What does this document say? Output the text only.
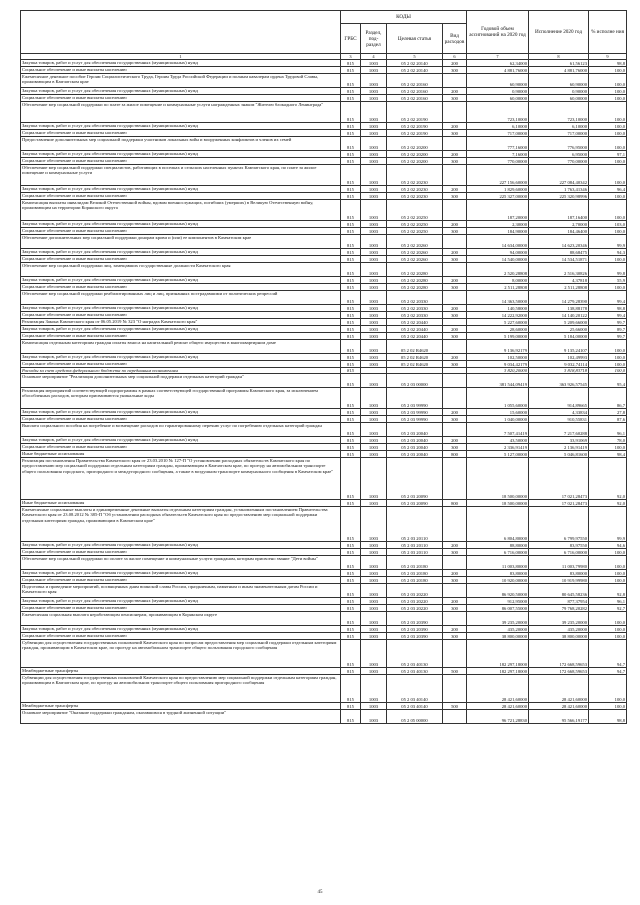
	КОДЫ				Годовой объем ассигнований на 2020 год	Исполнение 2020 год	% исполне ния
	ГРБС	Раздел, под-раздел	Целевая статья	Вид расходов			
1	3	4	5	6	7	8	9
Закупка товаров, работ и услуг для обеспечения государственных (муниципальных) нужд	815	1003	05 2 02 20140	200	62,34000	61,56123	98,8
Социальное обеспечение и иные выплаты населению	815	1003	05 2 02 20140	300	4 881,76000	4 881,76000	100,0
Ежемесячное денежное пособие Героям Социалистического Труда, Героям Труда Российской Федерации и полным кавалерам ордена Трудовой Славы, проживающим в Камчатском крае	815	1003	05 2 02 20160		60,90000	60,90000	100,0
Закупка товаров, работ и услуг для обеспечения государственных (муниципальных) нужд	815	1003	05 2 02 20160	200	0,90000	0,90000	100,0
Социальное обеспечение и иные выплаты населению	815	1003	05 2 02 20160	300	60,00000	60,00000	100,0
Обеспечение мер социальной поддержки по плате за жилое помещение и коммунальные услуги награжденных знаком "Жителю блокадного Ленинграда"	815	1003	05 2 02 20190		723,10000	723,10000	100,0
Закупка товаров, работ и услуг для обеспечения государственных (муниципальных) нужд	815	1003	05 2 02 20190	200	6,10000	6,10000	100,0
Социальное обеспечение и иные выплаты населению	815	1003	05 2 02 20190	300	717,00000	717,00000	100,0
Предоставление дополнительных мер социальной поддержки участников локальных войн и вооруженных конфликтов и членов их семей	815	1003	05 2 02 20200		777,16000	776,95000	100,0
Закупка товаров, работ и услуг для обеспечения государственных (муниципальных) нужд	815	1003	05 2 02 20200	200	7,16000	6,95000	97,1
Социальное обеспечение и иные выплаты населению	815	1003	05 2 02 20200	300	770,00000	770,00000	100,0
Обеспечение мер социальной поддержки специалистов, работающих в поселках и сельских населенных пунктах Камчатского края, по плате за жилое помещение и коммунальные услуги	815	1003	05 2 02 20230		227 156,60000	227 084,40342	100,0
Закупка товаров, работ и услуг для обеспечения государственных (муниципальных) нужд	815	1003	05 2 02 20230	200	1 829,60000	1 763,41346	96,4
Социальное обеспечение и иные выплаты населению	815	1003	05 2 02 20230	300	225 327,00000	225 320,98996	100,0
Компенсация выплаты инвалидам Великой Отечественной войны, вдовам военнослужащих, погибших (умерших) в Великую Отечественную войну, проживающим на территории Корякского округа	815	1003	05 2 02 20250		187,20000	187,16400	100,0
Закупка товаров, работ и услуг для обеспечения государственных (муниципальных) нужд	815	1003	05 2 02 20250	200	2,30000	2,70000	103,0
Социальное обеспечение и иные выплаты населению	815	1003	05 2 02 20250	300	184,90000	184,46400	100,0
Обеспечение дополнительных мер социальной поддержки донорам крови и (или) ее компонентов в Камчатском крае	815	1003	05 2 02 20260		14 634,00000	14 623,20346	99,9
Закупка товаров, работ и услуг для обеспечения государственных (муниципальных) нужд	815	1003	05 2 02 20260	200	94,00000	88,68475	94,3
Социальное обеспечение и иные выплаты населению	815	1003	05 2 02 20260	300	14 540,00000	14 534,51871	100,0
Обеспечение мер социальной поддержки лиц, замещавших государственные должности Камчатского края	815	1003	05 2 02 20280		2 520,28808	2 516,30826	99,8
Закупка товаров, работ и услуг для обеспечения государственных (муниципальных) нужд	815	1003	05 2 02 20280	200	8,00000	4,37818	55,9
Социальное обеспечение и иные выплаты населению	815	1003	05 2 02 20280	300	2 511,28808	2 511,28808	100,0
Обеспечение мер социальной поддержки реабилитированных лиц и лиц, признанных пострадавшими от политических репрессий	815	1003	05 2 02 20330		14 363,50000	14 279,28390	99,4
Закупка товаров, работ и услуг для обеспечения государственных (муниципальных) нужд	815	1003	05 2 02 20330	200	140,58000	138,88178	98,8
Социальное обеспечение и иные выплаты населению	815	1003	05 2 02 20330	300	14 222,92000	14 140,20122	99,4
Реализация Закона Камчатского края от 06.05.2019 № 323 "О наградах Камчатского края"	815	1003	05 2 02 20440		5 227,60000	5 209,66000	99,7
Закупка товаров, работ и услуг для обеспечения государственных (муниципальных) нужд	815	1003	05 2 02 20440	200	28,60000	25,66000	89,7
Социальное обеспечение и иные выплаты населению	815	1003	05 2 02 20440	300	5 199,00000	5 184,00000	99,7
Компенсация отдельным категориям граждан оплаты взноса на капитальный ремонт общего имущества в многоквартирном доме	815	1003	05 2 02 R4620		9 136,92179	9 135,24107	100,0
Закупка товаров, работ и услуг для обеспечения государственных (муниципальных) нужд	815	1003	05 2 02 R4620	200	102,50000	102,49993	100,0
Социальное обеспечение и иные выплаты населению	815	1003	05 2 02 R4620	300	9 034,42179	9 032,74114	100,0
Расходы за счет средств федерального бюджета по переданным полномочиям	815				3 820,20000	3 818,83718	100,0
Основное мероприятие "Реализация дополнительных мер социальной поддержки отдельных категорий граждан"	815	1003	05 2 03 00000		381 544,09419	363 926,57545	95,4
Реализация мероприятий соответствующей подпрограммы в рамках соответствующей государственной программы Камчатского края, за исключением обособленных расходов, которым присваиваются уникальные коды	815	1003	05 2 03 99990		1 055,60000	914,89665	86,7
Закупка товаров, работ и услуг для обеспечения государственных (муниципальных) нужд	815	1003	05 2 03 99990	200	15,60000	4,33834	27,8
Социальное обеспечение и иные выплаты населению	815	1003	05 2 03 99990	300	1 040,00000	910,55831	87,6
Выплата социального пособия на погребение и возмещение расходов по гарантированному перечню услуг по погребению отдельных категорий граждан	815	1003	05 2 03 20040		7 507,41419	7 217,60288	96,1
Закупка товаров, работ и услуг для обеспечения государственных (муниципальных) нужд	815	1003	05 2 03 20040	200	43,50000	33,91069	78,0
Социальное обеспечение и иные выплаты населению	815	1003	05 2 03 20040	300	2 336,91419	2 136,91419	100,0
Иные бюджетные ассигнования	815	1003	05 2 03 20040	800	5 127,00000	5 046,81600	98,4
Реализация постановления Правительства Камчатского края от 23.03.2010 № 127-П "О установлении расходных обязательств Камчатского края по предоставлению мер социальной поддержки отдельным категориям граждан, проживающим в Камчатском крае, по проезду на автомобильном транспорте общего пользования городского, пригородного и междугородного сообщения, а также в воздушном транспорте коммунального сообщения в Камчатском крае"	815	1003	05 2 03 20090		18 500,00000	17 021,28473	92,0
Иные бюджетные ассигнования	815	1003	05 2 03 20090	800	18 500,00000	17 021,28473	92,0
Ежемесячные социальные выплаты и единовременные денежные выплаты отдельным категориям граждан, установленным постановлением Правительства Камчатского края от 23.08.2012 № 385-П "Об установлении расходных обязательств Камчатского края по предоставлению мер социальной поддержки отдельным категориям граждан, проживающим в Камчатском крае"	815	1003	05 2 03 20110		6 804,80000	6 799,97550	99,9
Закупка товаров, работ и услуг для обеспечения государственных (муниципальных) нужд	815	1003	05 2 03 20110	200	88,80000	83,97550	94,6
Социальное обеспечение и иные выплаты населению	815	1003	05 2 03 20110	300	6 716,00000	6 716,00000	100,0
Обеспечение мер социальной поддержки по оплате за жилое помещение и коммунальные услуги гражданам, которым присвоено звание "Дети войны"	815	1003	05 2 03 20180		11 003,80000	11 003,79980	100,0
Закупка товаров, работ и услуг для обеспечения государственных (муниципальных) нужд	815	1003	05 2 03 20180	200	83,80000	83,80000	100,0
Социальное обеспечение и иные выплаты населению	815	1003	05 2 03 20180	300	10 920,00000	10 919,99980	100,0
Подготовка и проведение мероприятий, посвященных дням воинской славы России, праздничным, памятным и иным знаменательным датам России и Камчатского края	815	1003	05 2 03 20220		86 920,50000	80 645,58236	92,8
Закупка товаров, работ и услуг для обеспечения государственных (муниципальных) нужд	815	1003	05 2 03 20220	200	912,95000	877,37954	96,1
Социальное обеспечение и иные выплаты населению	815	1003	05 2 03 20220	300	86 007,55000	79 768,20282	92,7
Ежемесячная социальная выплата неработающим пенсионерам, проживающим в Корякском округе	815	1003	05 2 03 20390		39 235,20000	39 235,20000	100,0
Закупка товаров, работ и услуг для обеспечения государственных (муниципальных) нужд	815	1003	05 2 03 20390	200	435,20000	435,20000	100,0
Социальное обеспечение и иные выплаты населению	815	1003	05 2 03 20390	300	38 800,00000	38 800,00000	100,0
Субвенции для осуществления государственных полномочий Камчатского края по вопросам предоставления мер социальной поддержки отдельным категориям граждан, проживающим в Камчатском крае, по проезду на автомобильном транспорте общего пользования городского сообщения	815	1003	05 2 03 40130		182 297,18000	172 668,59653	94,7
Межбюджетные трансферты	815	1003	05 2 03 40130	500	182 297,18000	172 668,59653	94,7
Субвенции для осуществления государственных полномочий Камчатского края по предоставлению мер социальной поддержки отдельным категориям граждан, проживающим в Камчатском крае, по проезду на автомобильном транспорте общего пользования пригородного сообщения	815	1003	05 2 03 40140		28 421,60000	28 421,60000	100,0
Межбюджетные трансферты	815	1003	05 2 03 40140	500	28 421,60000	28 421,60000	100,0
Основное мероприятие "Оказание поддержки гражданам, оказавшимся в трудной жизненной ситуации"	815	1003	05 2 05 00000		96 721,28830	95 566,19177	98,8
45
